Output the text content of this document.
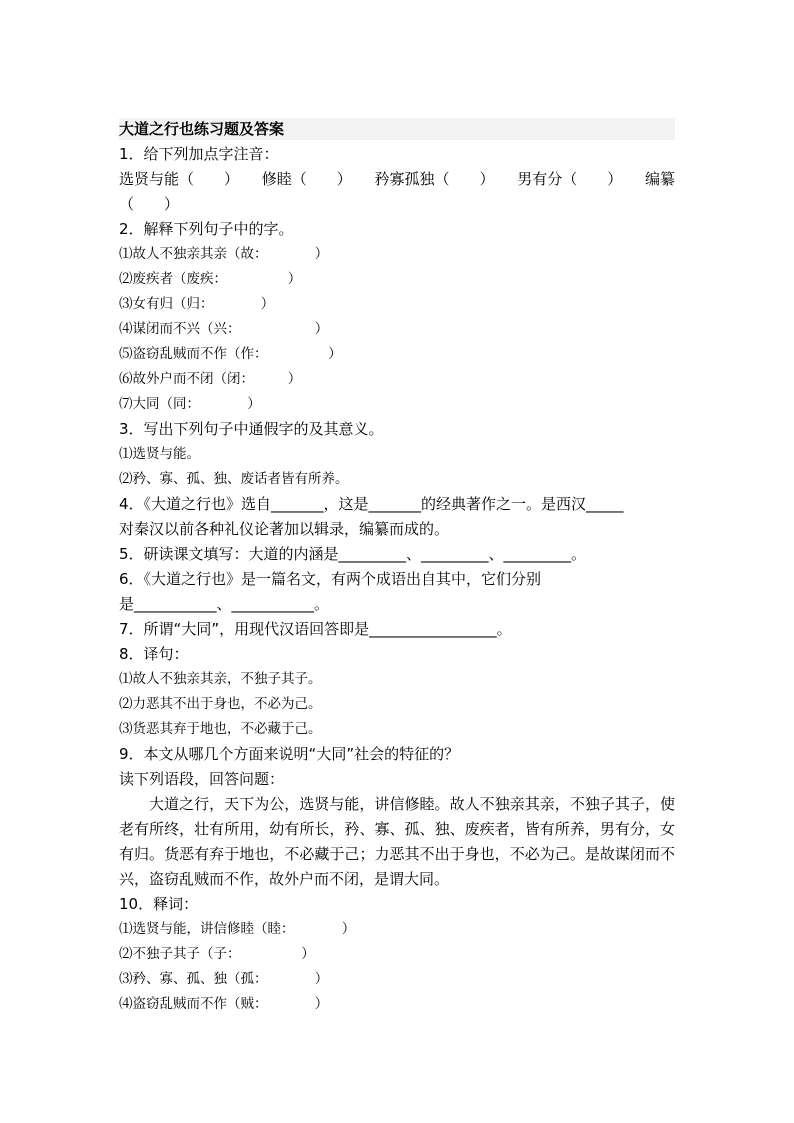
大道之行也练习题及答案
1．给下列加点字注音：
选贤与能（　　） 修睦（　　） 矜寡孤独（　　） 男有分（　　） 编纂
（　　）
2．解释下列句子中的字。
⑴故人不独亲其亲（故：　　　　）
⑵废疾者（废疾：　　　　　）
⑶女有归（归：　　　　）
⑷谋闭而不兴（兴：　　　　　　）
⑸盗窃乱贼而不作（作：　　　　　）
⑹故外户而不闭（闭：　　　）
⑺大同（同：　　　　）
3．写出下列句子中通假字的及其意义。
⑴选贤与能。
⑵矜、寡、孤、独、废话者皆有所养。
4．《大道之行也》选自_______，这是_______的经典著作之一。是西汉_____
对秦汉以前各种礼仪论著加以辑录，编纂而成的。
5．研读课文填写：大道的内涵是_________、_________、_________。
6．《大道之行也》是一篇名文，有两个成语出自其中，它们分别
是___________、___________。
7．所谓“大同”，用现代汉语回答即是_________________。
8．译句：
⑴故人不独亲其亲，不独子其子。
⑵力恶其不出于身也，不必为己。
⑶货恶其弃于地也，不必藏于己。
9．本文从哪几个方面来说明“大同”社会的特征的？
读下列语段，回答问题：
大道之行，天下为公，选贤与能，讲信修睦。故人不独亲其亲，不独子其子，使老有所终，壮有所用，幼有所长，矜、寡、孤、独、废疾者，皆有所养，男有分，女有归。货恶有弃于地也，不必藏于己；力恶其不出于身也，不必为己。是故谋闭而不兴，盗窃乱贼而不作，故外户而不闭，是谓大同。
10．释词：
⑴选贤与能，讲信修睦（睦：　　　　）
⑵不独子其子（子：　　　　　）
⑶矜、寡、孤、独（孤：　　　　）
⑷盗窃乱贼而不作（贼：　　　　）
